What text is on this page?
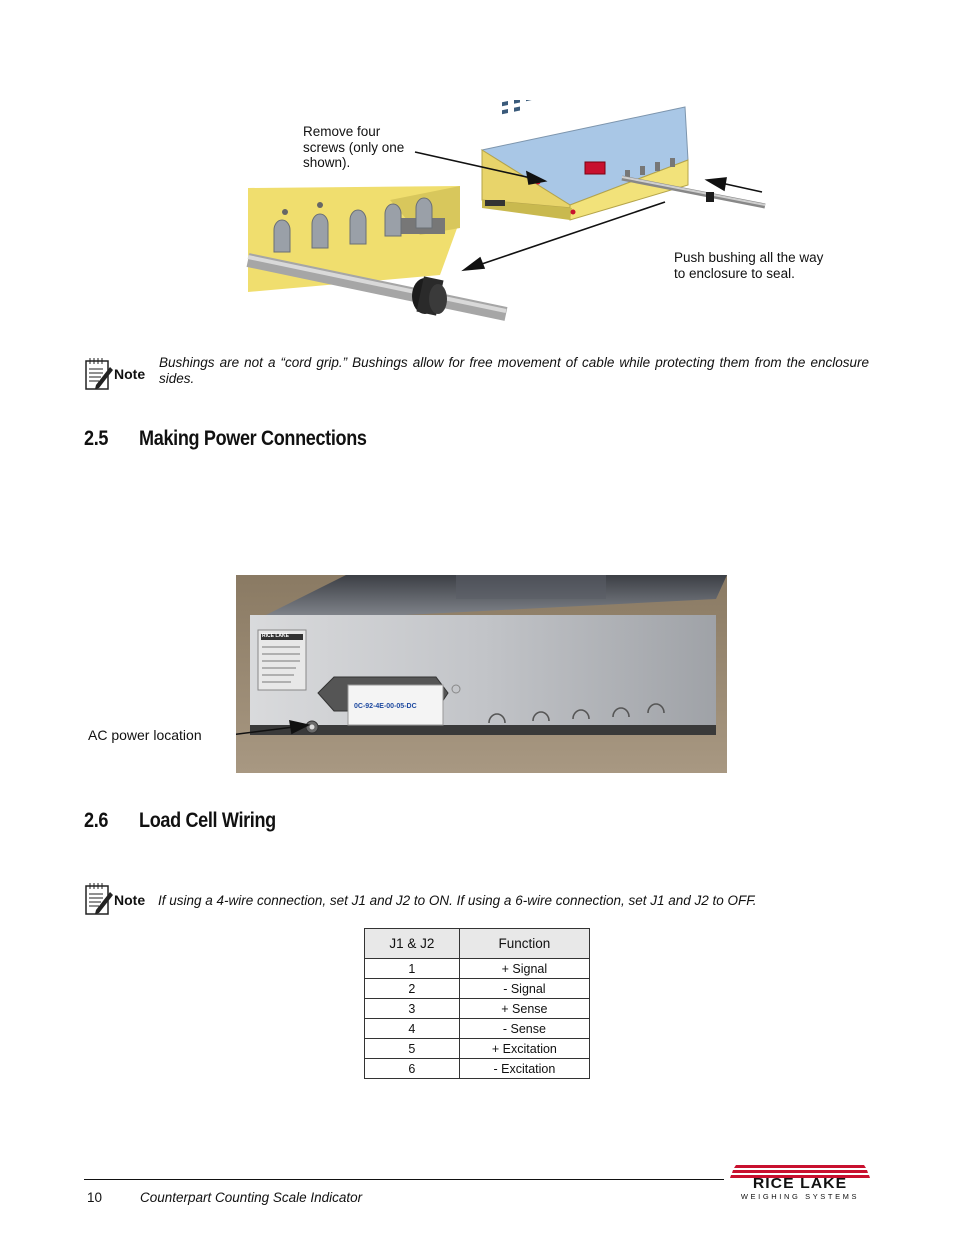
Remove four
screws (only one
shown).
Push bushing all the way
to enclosure to seal.
Note
Bushings are not a “cord grip.” Bushings allow for free movement of cable while protecting them from the enclosure sides.
2.5 Making Power Connections
RICE LAKE
0C-92-4E-00-05-DC
AC power location
2.6 Load Cell Wiring
Note If using a 4-wire connection, set J1 and J2 to ON. If using a 6-wire connection, set J1 and J2 to OFF.
J1 & J2	Function
1	+ Signal
2	- Signal
3	+ Sense
4	- Sense
5	+ Excitation
6	- Excitation
10	Counterpart Counting Scale Indicator
RICE LAKE
WEIGHING SYSTEMS
